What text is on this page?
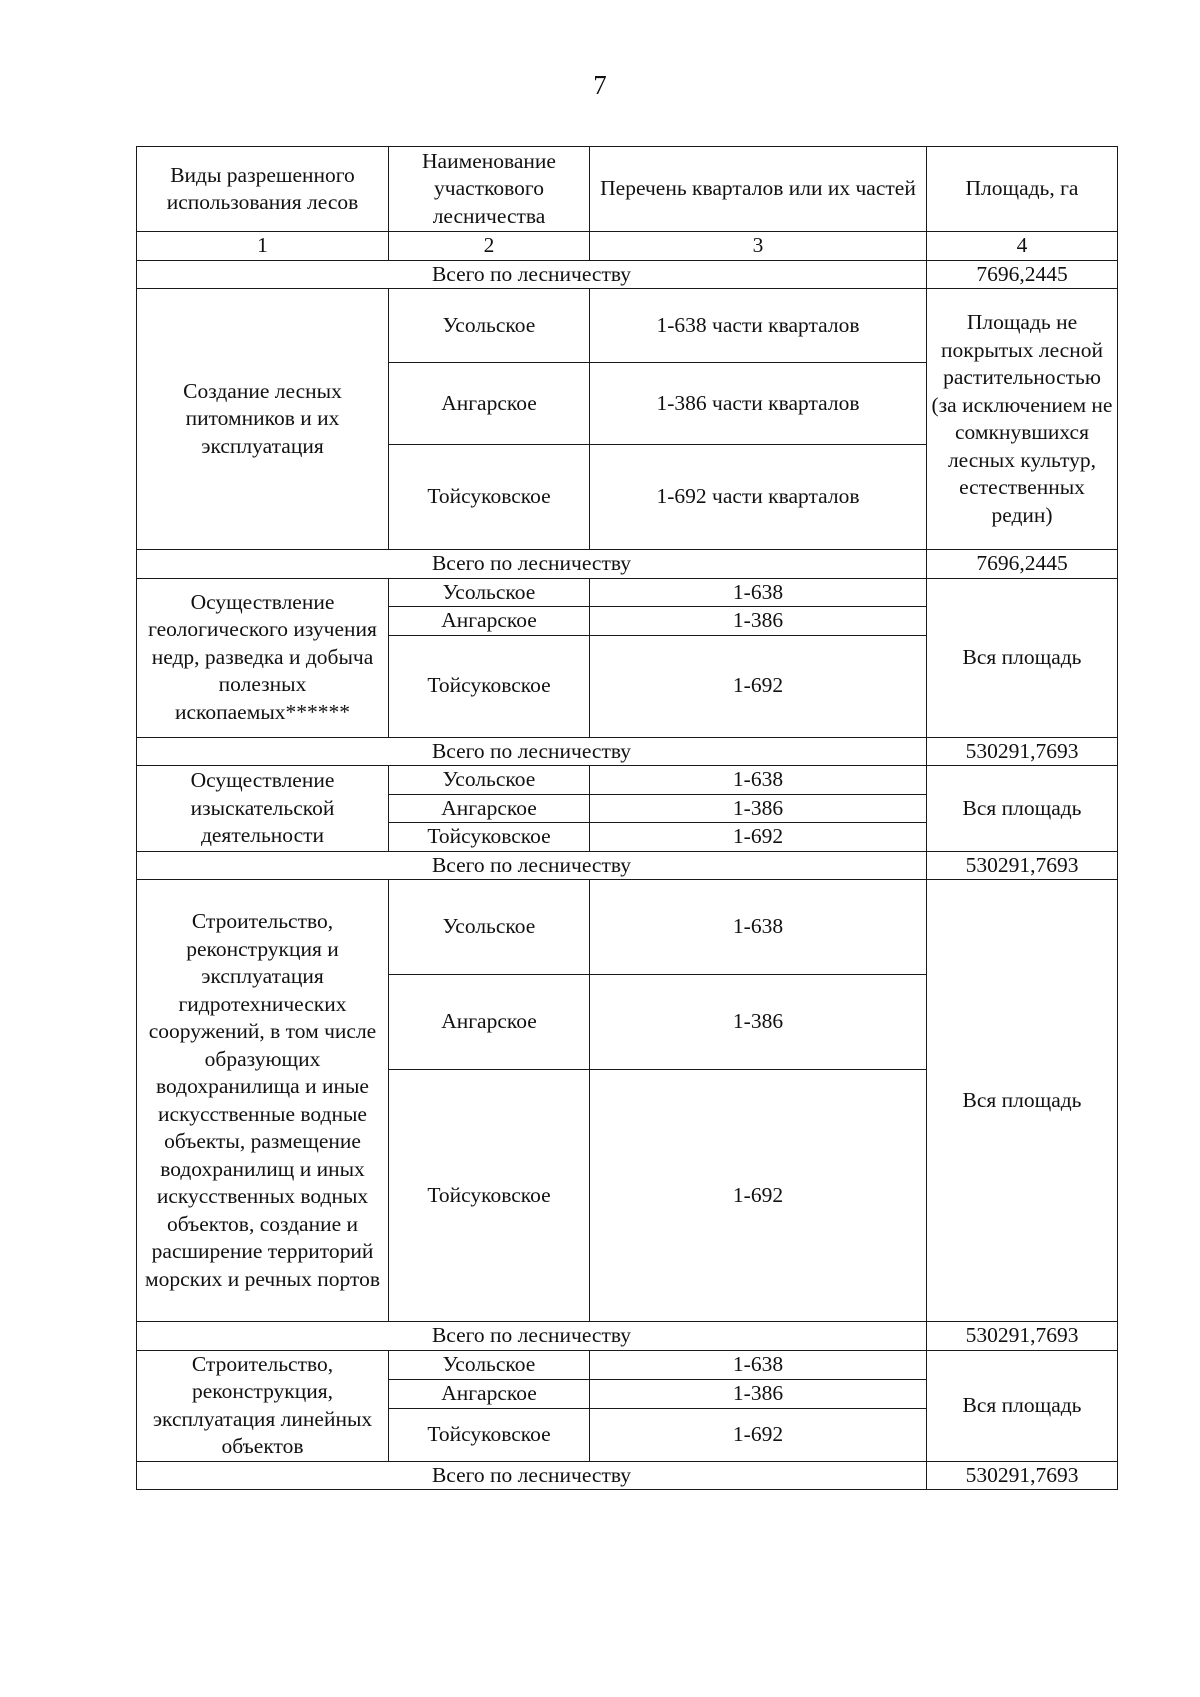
7
Виды разрешенного использования лесов	Наименование участкового лесничества	Перечень кварталов или их частей	Площадь, га
1	2	3	4
Всего по лесничеству			7696,2445
Создание лесных питомников и их эксплуатация	Усольское	1-638 части кварталов	Площадь не покрытых лесной растительностью (за исключением не сомкнувшихся лесных культур, естественных редин)
	Ангарское	1-386 части кварталов	
	Тойсуковское	1-692 части кварталов	
Всего по лесничеству			7696,2445
Осуществление геологического изучения недр, разведка и добыча полезных ископаемых******	Усольское	1-638	Вся площадь
	Ангарское	1-386	
	Тойсуковское	1-692	
Всего по лесничеству			530291,7693
Осуществление изыскательской деятельности	Усольское	1-638	Вся площадь
	Ангарское	1-386	
	Тойсуковское	1-692	
Всего по лесничеству			530291,7693
Строительство, реконструкция и эксплуатация гидротехнических сооружений, в том числе образующих водохранилища и иные искусственные водные объекты, размещение водохранилищ и иных искусственных водных объектов, создание и расширение территорий морских и речных портов	Усольское	1-638	Вся площадь
	Ангарское	1-386	
	Тойсуковское	1-692	
Всего по лесничеству			530291,7693
Строительство, реконструкция, эксплуатация линейных объектов	Усольское	1-638	Вся площадь
	Ангарское	1-386	
	Тойсуковское	1-692	
Всего по лесничеству			530291,7693
